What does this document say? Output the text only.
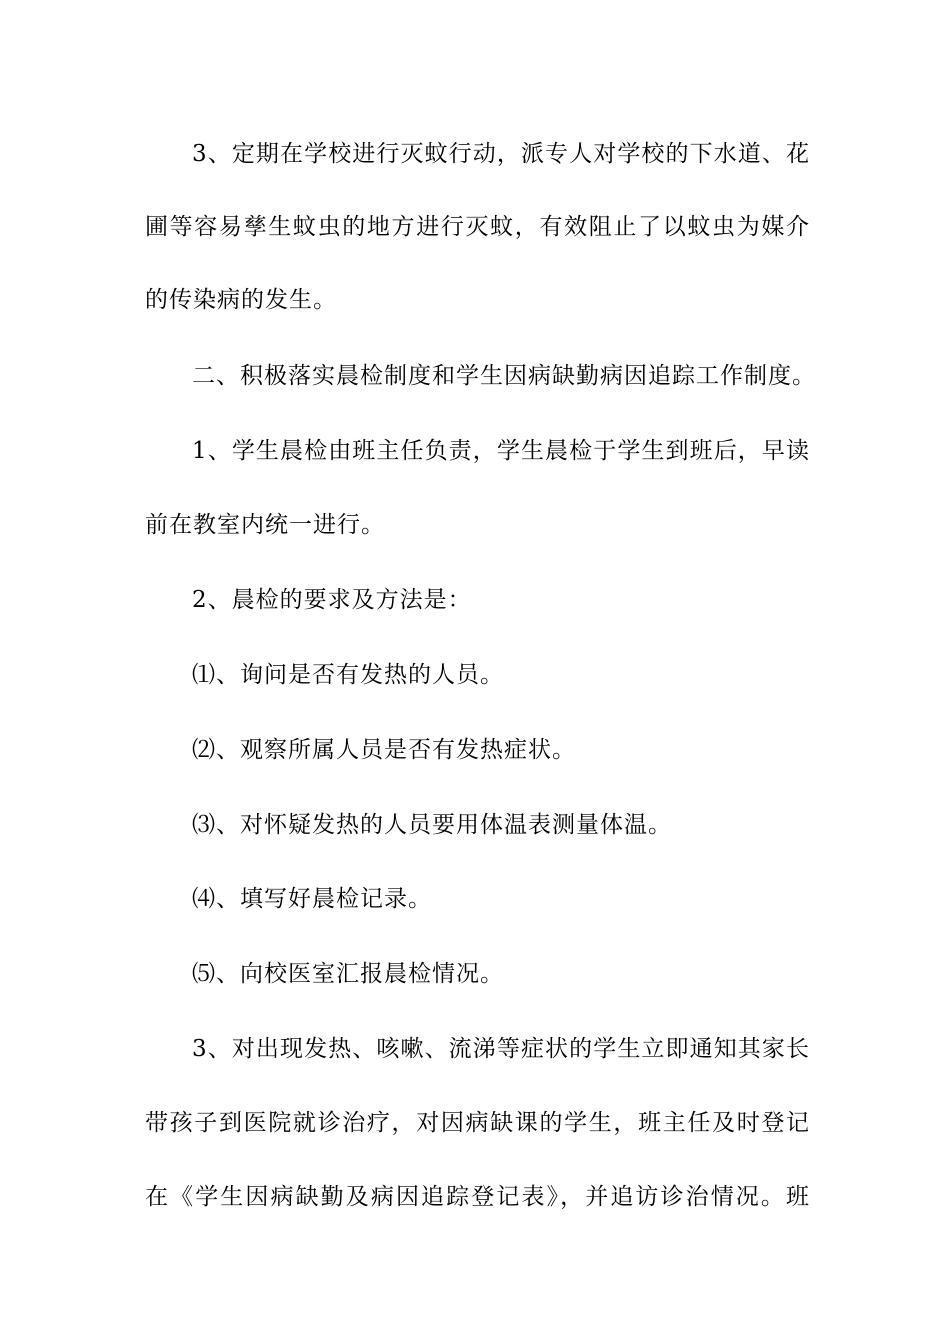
3、定期在学校进行灭蚊行动，派专人对学校的下水道、花
圃等容易孳生蚊虫的地方进行灭蚊，有效阻止了以蚊虫为媒介
的传染病的发生。
二、积极落实晨检制度和学生因病缺勤病因追踪工作制度。
1、学生晨检由班主任负责，学生晨检于学生到班后，早读
前在教室内统一进行。
2、晨检的要求及方法是：
⑴、询问是否有发热的人员。
⑵、观察所属人员是否有发热症状。
⑶、对怀疑发热的人员要用体温表测量体温。
⑷、填写好晨检记录。
⑸、向校医室汇报晨检情况。
3、对出现发热、咳嗽、流涕等症状的学生立即通知其家长
带孩子到医院就诊治疗，对因病缺课的学生，班主任及时登记
在《学生因病缺勤及病因追踪登记表》，并追访诊治情况。班
